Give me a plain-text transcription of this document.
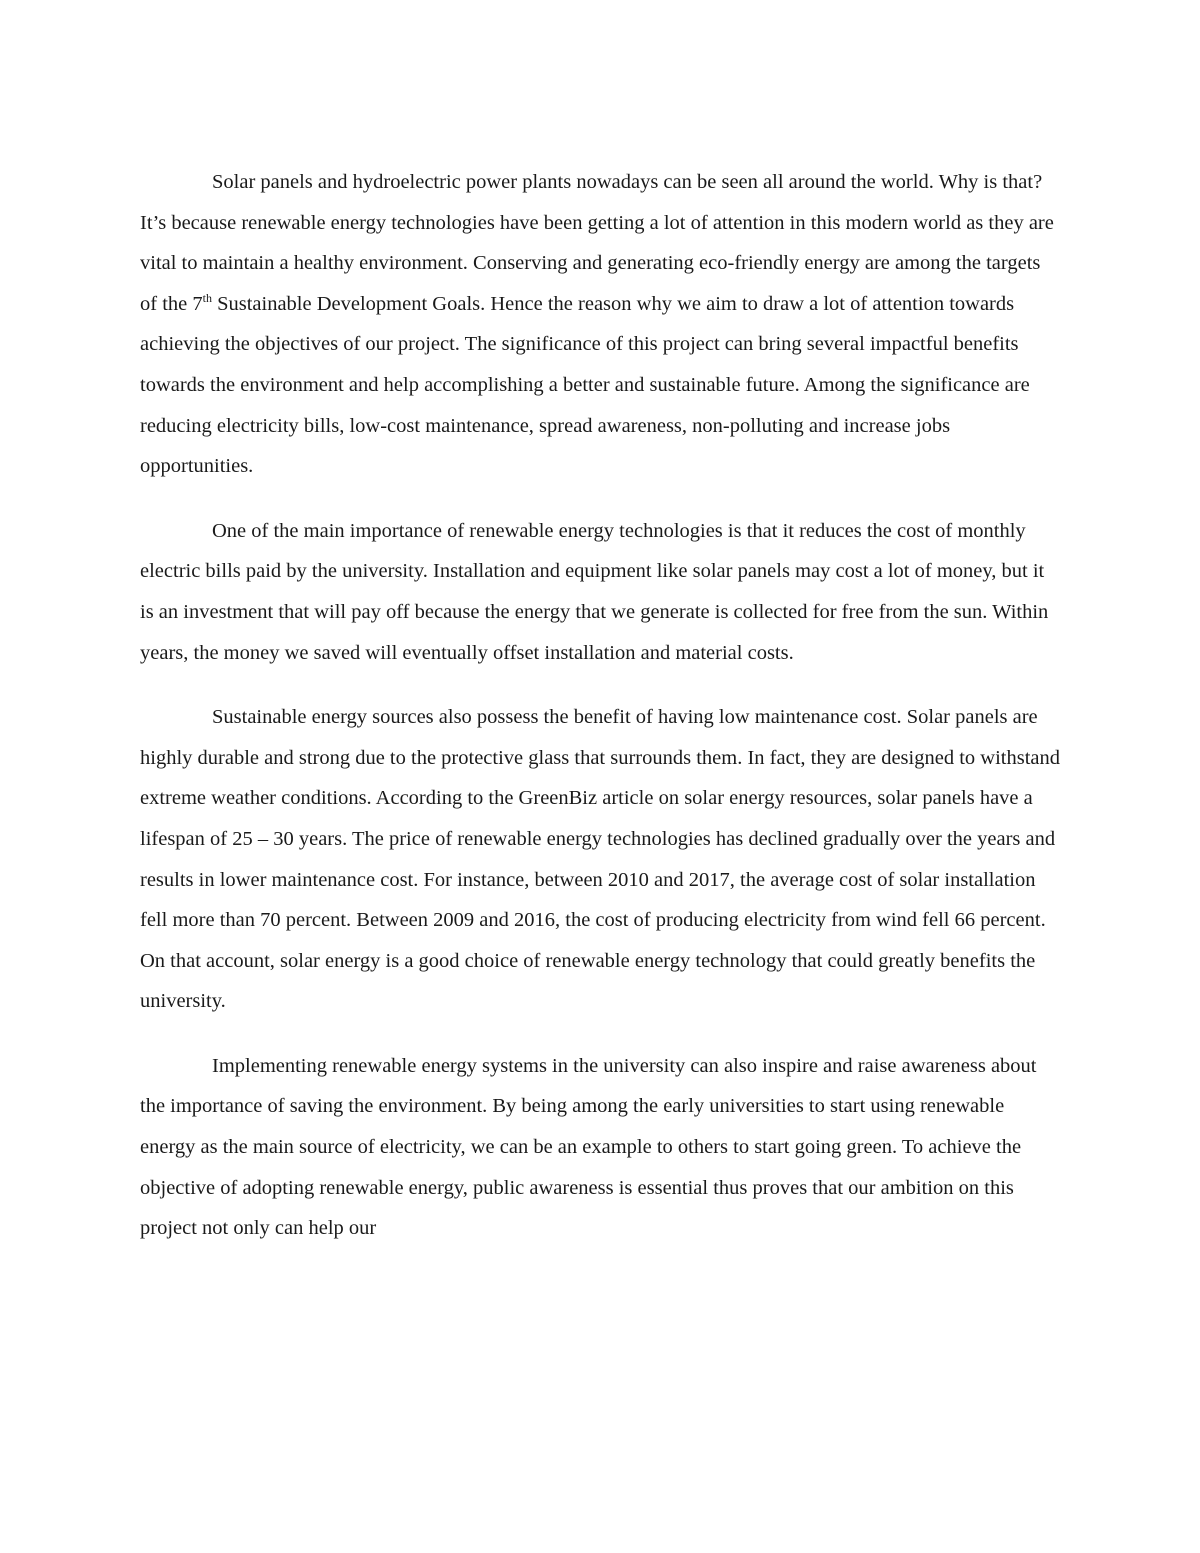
Solar panels and hydroelectric power plants nowadays can be seen all around the world. Why is that? It’s because renewable energy technologies have been getting a lot of attention in this modern world as they are vital to maintain a healthy environment. Conserving and generating eco-friendly energy are among the targets of the 7th Sustainable Development Goals. Hence the reason why we aim to draw a lot of attention towards achieving the objectives of our project. The significance of this project can bring several impactful benefits towards the environment and help accomplishing a better and sustainable future. Among the significance are reducing electricity bills, low-cost maintenance, spread awareness, non-polluting and increase jobs opportunities.

One of the main importance of renewable energy technologies is that it reduces the cost of monthly electric bills paid by the university. Installation and equipment like solar panels may cost a lot of money, but it is an investment that will pay off because the energy that we generate is collected for free from the sun. Within years, the money we saved will eventually offset installation and material costs.

Sustainable energy sources also possess the benefit of having low maintenance cost. Solar panels are highly durable and strong due to the protective glass that surrounds them. In fact, they are designed to withstand extreme weather conditions. According to the GreenBiz article on solar energy resources, solar panels have a lifespan of 25 – 30 years. The price of renewable energy technologies has declined gradually over the years and results in lower maintenance cost. For instance, between 2010 and 2017, the average cost of solar installation fell more than 70 percent. Between 2009 and 2016, the cost of producing electricity from wind fell 66 percent. On that account, solar energy is a good choice of renewable energy technology that could greatly benefits the university.

Implementing renewable energy systems in the university can also inspire and raise awareness about the importance of saving the environment. By being among the early universities to start using renewable energy as the main source of electricity, we can be an example to others to start going green. To achieve the objective of adopting renewable energy, public awareness is essential thus proves that our ambition on this project not only can help our
